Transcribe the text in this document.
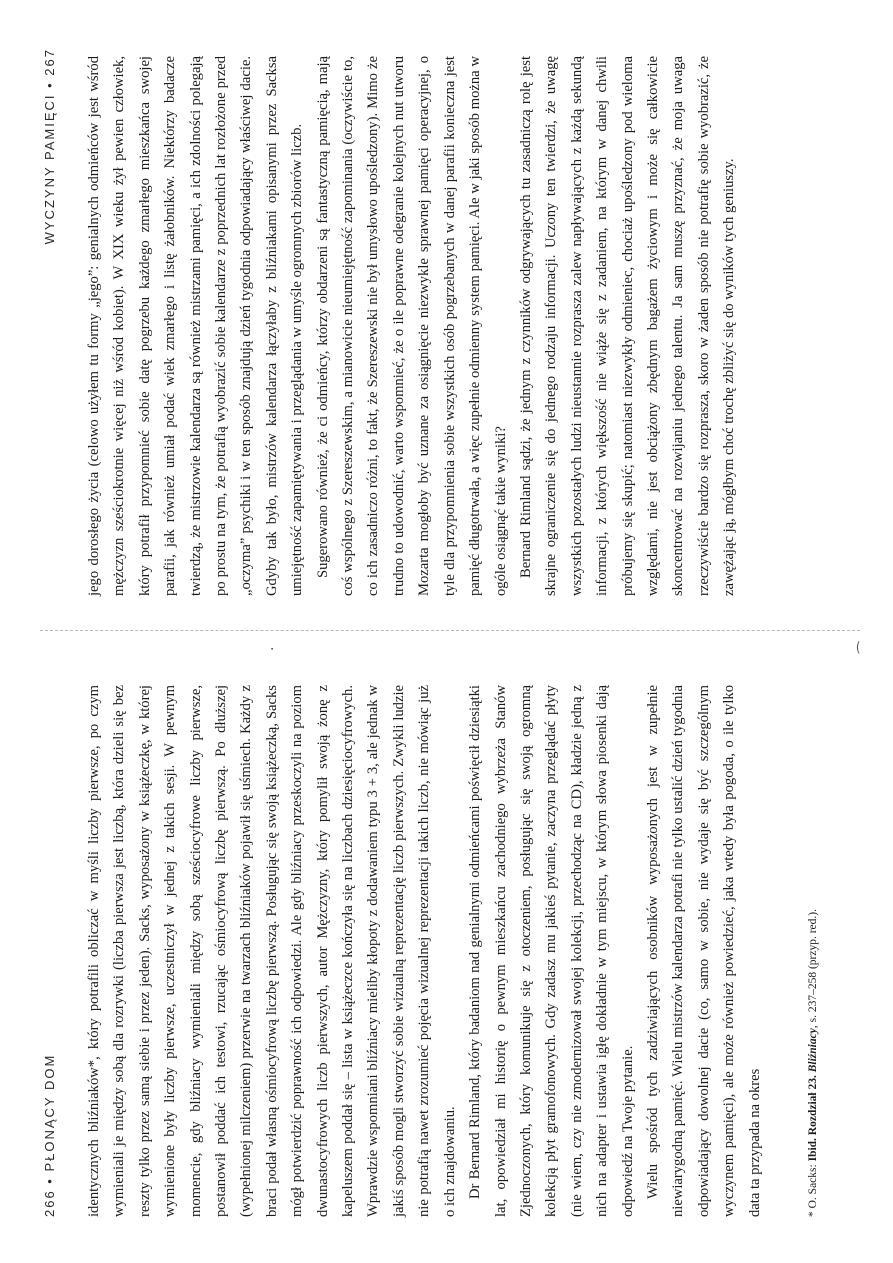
266 • PŁONĄCY DOM identycznych bliźniaków*, który potrafili obliczać w myśli liczby pierwsze, po czym wymieniali je między sobą dla rozrywki (liczba pierwsza jest liczbą, która dzieli się bez reszty tylko przez samą siebie i przez jeden). Sacks, wyposażony w książeczkę, w której wymienione były liczby pierwsze, uczestniczył w jednej z takich sesji. W pewnym momencie, gdy bliźniacy wymieniali między sobą sześciocyfrowe liczby pierwsze, postanowił poddać ich testowi, rzucając ośmiocyfrową liczbę pierwszą. Po dłuższej (wypełnionej milczeniem) przerwie na twarzach bliźniaków pojawił się uśmiech. Każdy z braci podał własną ośmiocyfrową liczbę pierwszą. Posługując się swoją książeczką, Sacks mógł potwierdzić poprawność ich odpowiedzi. Ale gdy bliźniacy przeskoczyli na poziom dwunastocyfrowych liczb pierwszych, autor Mężczyzny, który pomylił swoją żonę z kapeluszem poddał się – lista w książeczce kończyła się na liczbach dziesięciocyfrowych. Wprawdzie wspomniani bliźniacy mieliby kłopoty z dodawaniem typu 3 + 3, ale jednak w jakiś sposób mogli stworzyć sobie wizualną reprezentację liczb pierwszych. Zwykli ludzie nie potrafią nawet zrozumieć pojęcia wizualnej reprezentacji takich liczb, nie mówiąc już o ich znajdowaniu. Dr Bernard Rimland, który badaniom nad genialnymi odmieńcami poświęcił dziesiątki lat, opowiedział mi historię o pewnym mieszkańcu zachodniego wybrzeża Stanów Zjednoczonych, który komunikuje się z otoczeniem, posługując się swoją ogromną kolekcją płyt gramofonowych. Gdy zadasz mu jakieś pytanie, zaczyna przeglądać płyty (nie wiem, czy nie zmodernizował swojej kolekcji, przechodząc na CD), kładzie jedną z nich na adapter i ustawia igłę dokładnie w tym miejscu, w którym słowa piosenki dają odpowiedź na Twoje pytanie. Wielu spośród tych zadziwiających osobników wyposażonych jest w zupełnie niewiarygodną pamięć. Wielu mistrzów kalendarza potrafi nie tylko ustalić dzień tygodnia odpowiadający dowolnej dacie (co, samo w sobie, nie wydaje się być szczególnym wyczynem pamięci), ale może również powiedzieć, jaka wtedy była pogoda, o ile tylko data ta przypada na okres	* O. Sacks: Ibid. Rozdział 23. Bliźniacy, s. 237–258 (przyp. red.).
⁀
·
WYCZYNY PAMIĘCI • 267 jego dorosłego życia (celowo użyłem tu formy „jego”: genialnych odmieńców jest wśród mężczyzn sześciokrotnie więcej niż wśród kobiet). W XIX wieku żył pewien człowiek, który potrafił przypomnieć sobie datę pogrzebu każdego zmarłego mieszkańca swojej parafii, jak również umiał podać wiek zmarłego i listę żałobników. Niektórzy badacze twierdzą, że mistrzowie kalendarza są również mistrzami pamięci, a ich zdolności polegają po prostu na tym, że potrafią wyobrazić sobie kalendarze z poprzednich lat rozłożone przed „oczyma” psychiki i w ten sposób znajdują dzień tygodnia odpowiadający właściwej dacie. Gdyby tak było, mistrzów kalendarza łączyłaby z bliźniakami opisanymi przez Sacksa umiejętność zapamiętywania i przeglądania w umyśle ogromnych zbiorów liczb. Sugerowano również, że ci odmieńcy, którzy obdarzeni są fantastyczną pamięcią, mają coś wspólnego z Szereszewskim, a mianowicie nieumiejętność zapominania (oczywiście to, co ich zasadniczo różni, to fakt, że Szereszewski nie był umysłowo upośledzony). Mimo że trudno to udowodnić, warto wspomnieć, że o ile poprawne odegranie kolejnych nut utworu Mozarta mogłoby być uznane za osiągnięcie niezwykle sprawnej pamięci operacyjnej, o tyle dla przypomnienia sobie wszystkich osób pogrzebanych w danej parafii konieczna jest pamięć długotrwała, a więc zupełnie odmienny system pamięci. Ale w jaki sposób można w ogóle osiągnąć takie wyniki? Bernard Rimland sądzi, że jednym z czynników odgrywających tu zasadniczą rolę jest skrajne ograniczenie się do jednego rodzaju informacji. Uczony ten twierdzi, że uwagę wszystkich pozostałych ludzi nieustannie rozprasza zalew napływających z każdą sekundą informacji, z których większość nie wiąże się z zadaniem, na którym w danej chwili próbujemy się skupić; natomiast niezwykły odmieniec, chociaż upośledzony pod wieloma względami, nie jest obciążony zbędnym bagażem życiowym i może się całkowicie skoncentrować na rozwijaniu jednego talentu. Ja sam muszę przyznać, że moja uwaga rzeczywiście bardzo się rozprasza, skoro w żaden sposób nie potrafię sobie wyobrazić, że zawężając ją, mógłbym choć trochę zbliżyć się do wyników tych geniuszy.
